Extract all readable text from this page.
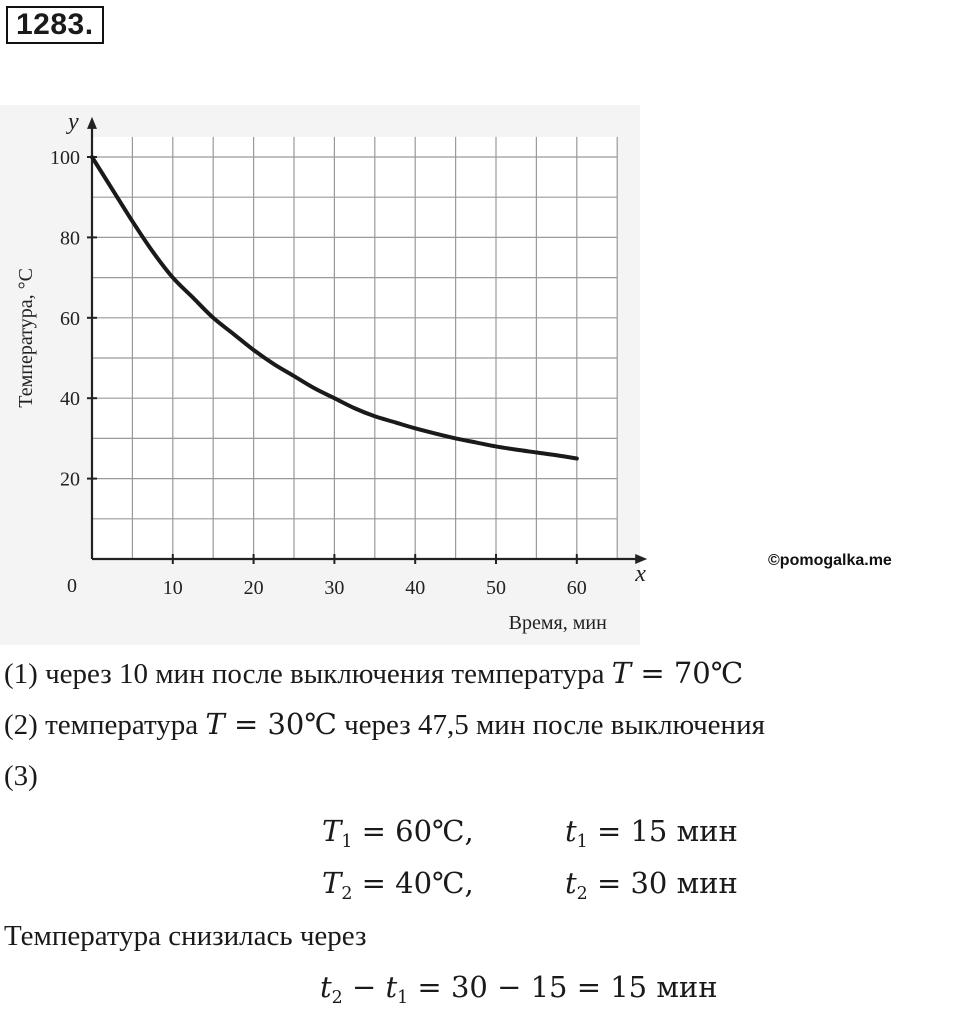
1283.
10	20	30	40	50	60
20
40
60
80
100
0	x
y
Время, мин
Температура, °C
©pomogalka.me
(1) через 10 мин после выключения температура T = 70℃
(2) температура T = 30℃ через 47,5 мин после выключения
(3)
$T_1$ = 60℃,	$t_1 = 15$ мин
$T_2$ = 40℃,	$t_2 = 30$ мин
Температура снизилась через
$t_2 - t_1 = 30 - 15 = 15$ мин
